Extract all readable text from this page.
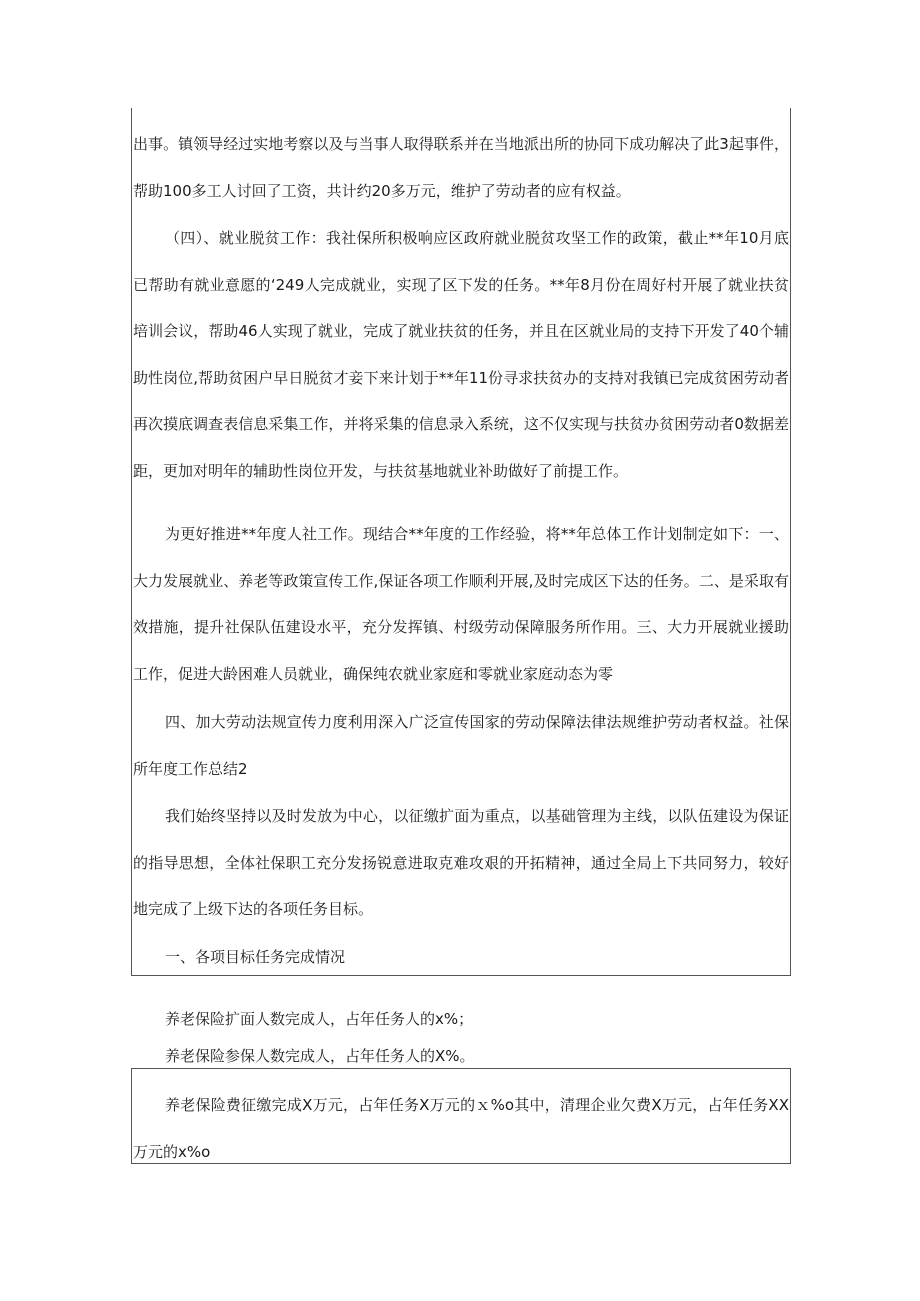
出事。镇领导经过实地考察以及与当事人取得联系并在当地派出所的协同下成功解决了此3起事件，帮助100多工人讨回了工资，共计约20多万元，维护了劳动者的应有权益。

（四）、就业脱贫工作：我社保所积极响应区政府就业脱贫攻坚工作的政策，截止**年10月底已帮助有就业意愿的‘249人完成就业，实现了区下发的任务。**年8月份在周好村开展了就业扶贫培训会议，帮助46人实现了就业，完成了就业扶贫的任务，并且在区就业局的支持下开发了40个辅助性岗位,帮助贫困户早日脱贫才妾下来计划于**年11份寻求扶贫办的支持对我镇已完成贫困劳动者再次摸底调查表信息采集工作，并将采集的信息录入系统，这不仅实现与扶贫办贫困劳动者0数据差距，更加对明年的辅助性岗位开发，与扶贫基地就业补助做好了前提工作。

为更好推进**年度人社工作。现结合**年度的工作经验，将**年总体工作计划制定如下：一、大力发展就业、养老等政策宣传工作,保证各项工作顺利开展,及时完成区下达的任务。二、是采取有效措施，提升社保队伍建设水平，充分发挥镇、村级劳动保障服务所作用。三、大力开展就业援助工作，促进大龄困难人员就业，确保纯农就业家庭和零就业家庭动态为零

四、加大劳动法规宣传力度利用深入广泛宣传国家的劳动保障法律法规维护劳动者权益。社保所年度工作总结2

我们始终坚持以及时发放为中心，以征缴扩面为重点，以基础管理为主线，以队伍建设为保证的指导思想，全体社保职工充分发扬锐意进取克难攻艰的开拓精神，通过全局上下共同努力，较好地完成了上级下达的各项任务目标。

一、各项目标任务完成情况

养老保险扩面人数完成人，占年任务人的x%；

养老保险参保人数完成人，占年任务人的X%。

养老保险费征缴完成X万元，占年任务X万元的ｘ%o其中，清理企业欠费X万元，占年任务XX万元的x%o
